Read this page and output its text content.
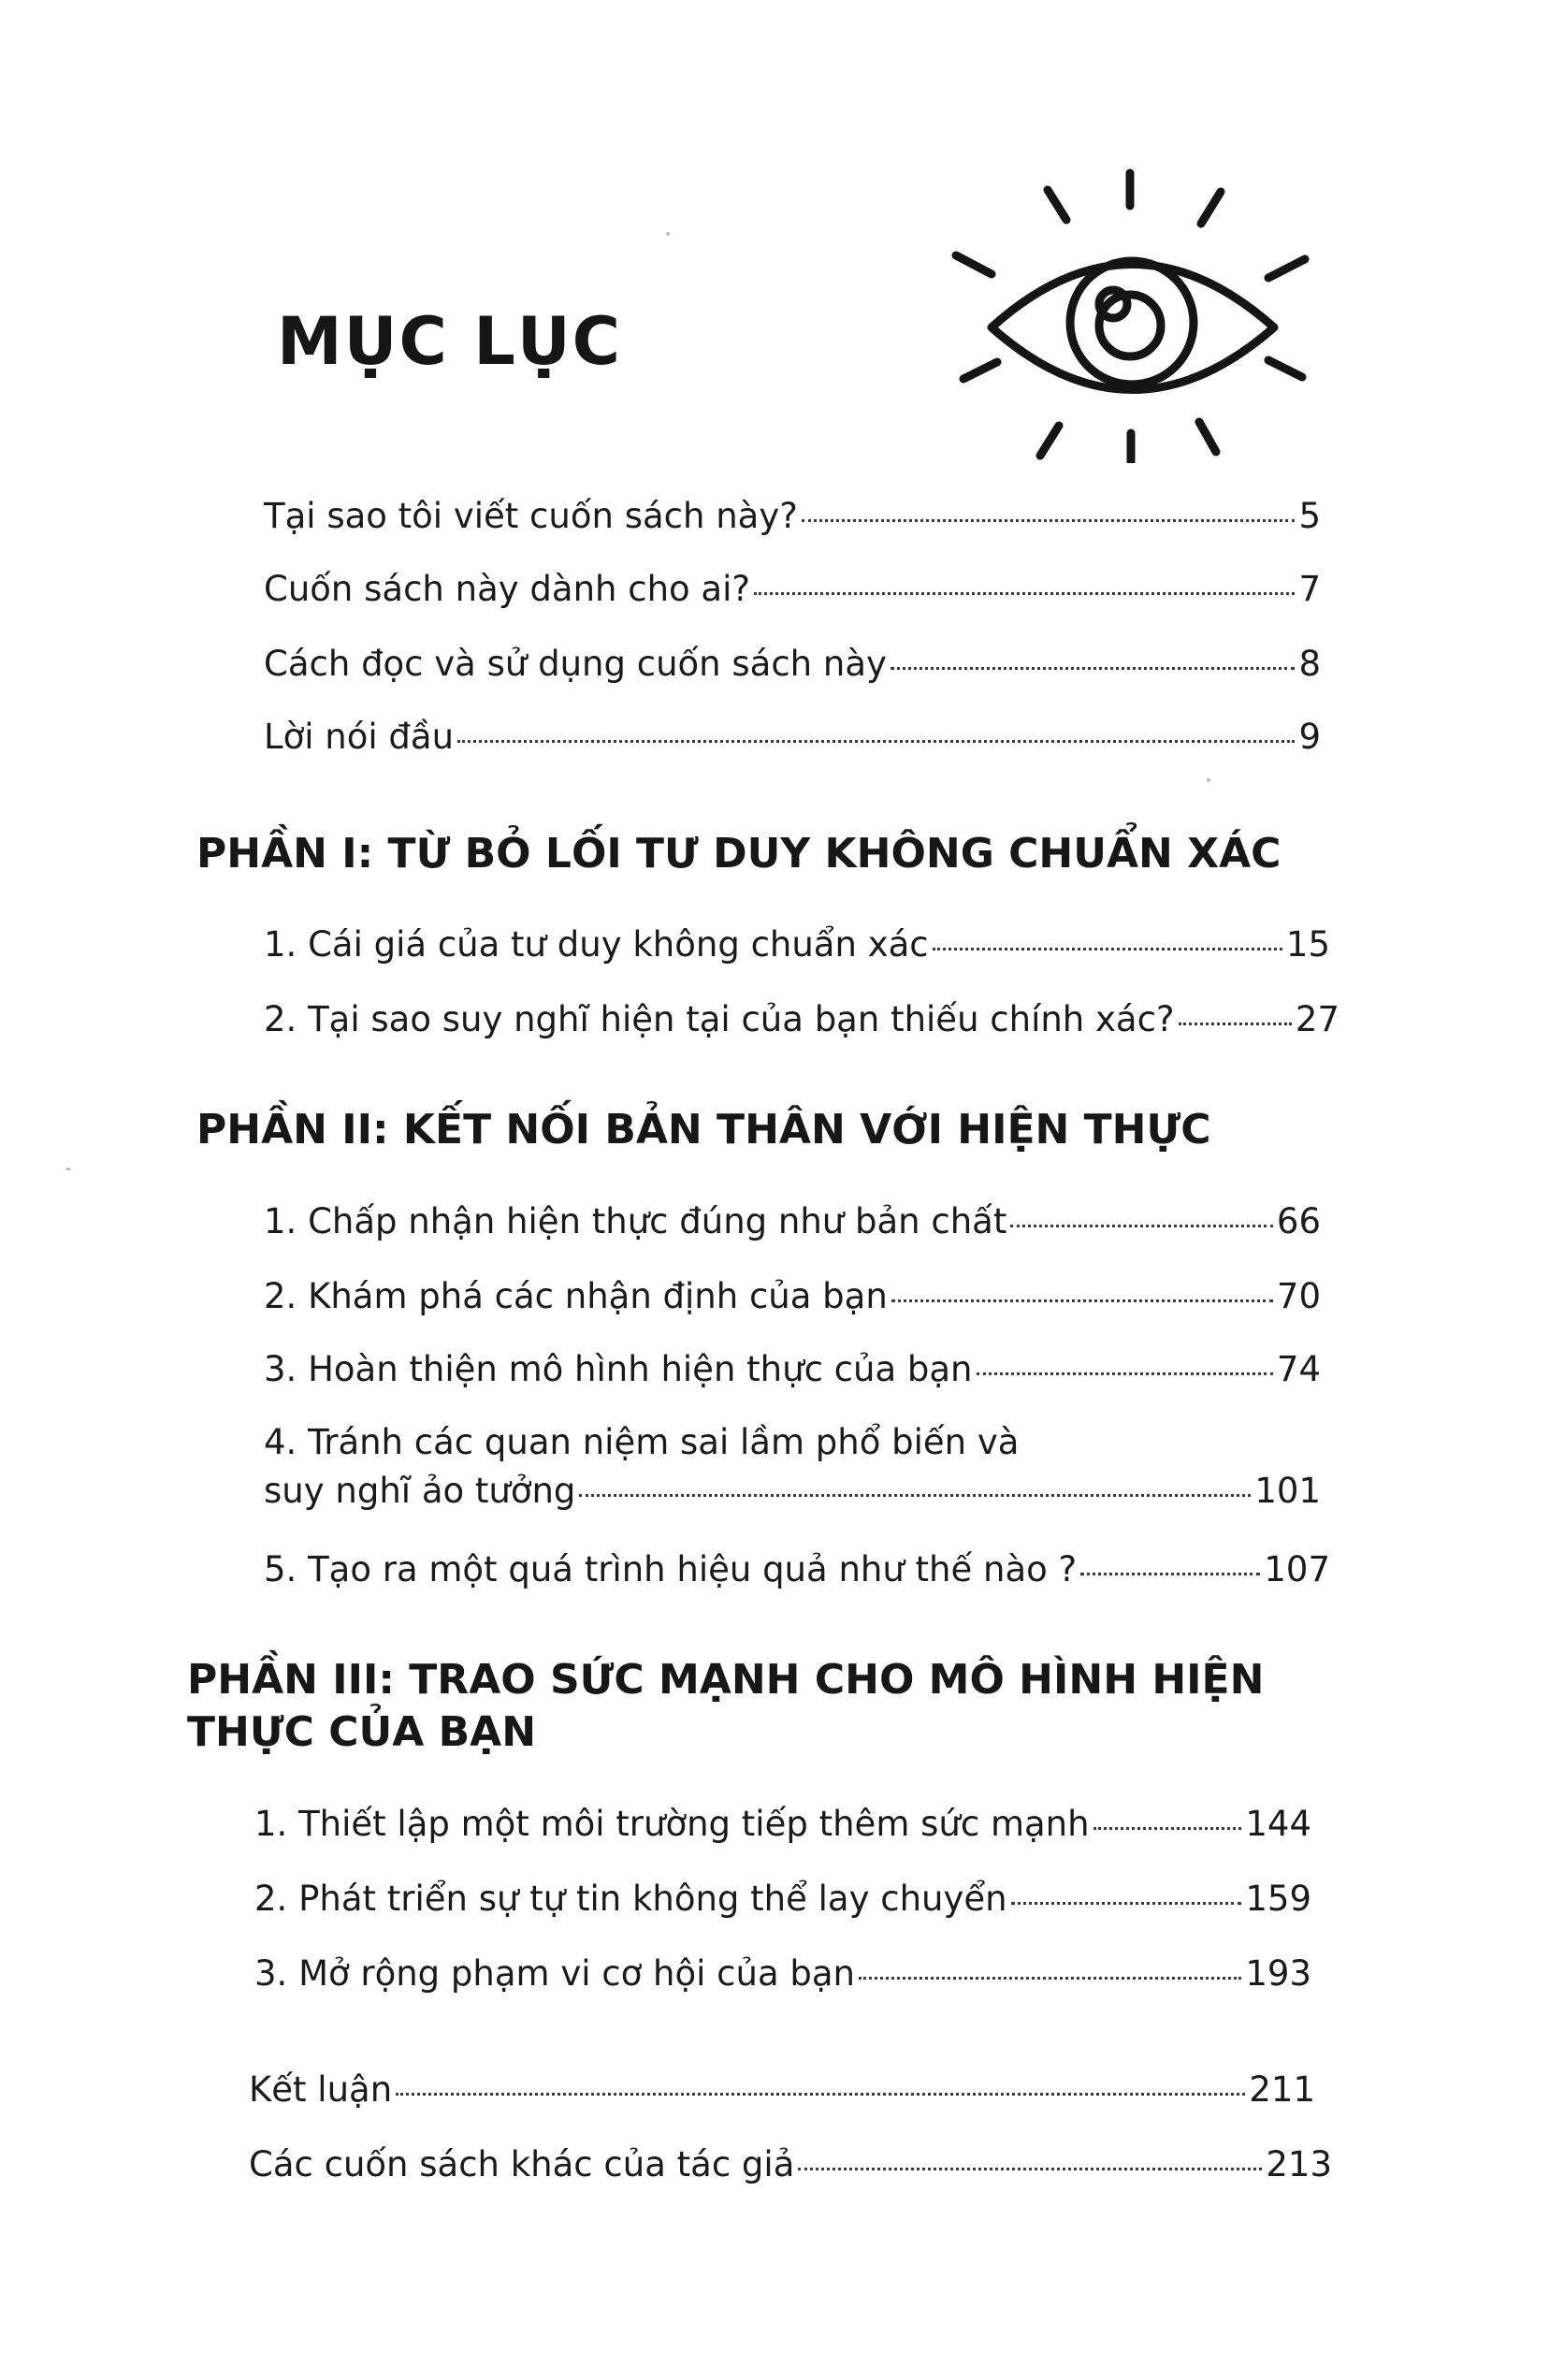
MỤC LỤC
Tại sao tôi viết cuốn sách này?	5
Cuốn sách này dành cho ai?	7
Cách đọc và sử dụng cuốn sách này	8
Lời nói đầu	9
PHẦN I: TỪ BỎ LỐI TƯ DUY KHÔNG CHUẨN XÁC
1. Cái giá của tư duy không chuẩn xác	15
2. Tại sao suy nghĩ hiện tại của bạn thiếu chính xác?	27
PHẦN II: KẾT NỐI BẢN THÂN VỚI HIỆN THỰC
1. Chấp nhận hiện thực đúng như bản chất	66
2. Khám phá các nhận định của bạn	70
3. Hoàn thiện mô hình hiện thực của bạn	74
4. Tránh các quan niệm sai lầm phổ biến và
suy nghĩ ảo tưởng	101
5. Tạo ra một quá trình hiệu quả như thế nào ?	107
PHẦN III: TRAO SỨC MẠNH CHO MÔ HÌNH HIỆN
THỰC CỦA BẠN
1. Thiết lập một môi trường tiếp thêm sức mạnh	144
2. Phát triển sự tự tin không thể lay chuyển	159
3. Mở rộng phạm vi cơ hội của bạn	193
Kết luận	211
Các cuốn sách khác của tác giả	213
